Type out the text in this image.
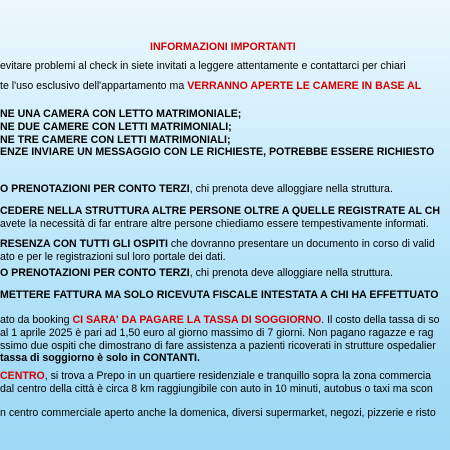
INFORMAZIONI IMPORTANTI
evitare problemi al check in siete invitati a leggere attentamente e contattarci per chiari
te l'uso esclusivo dell'appartamento ma VERRANNO APERTE LE CAMERE IN BASE AL
NE UNA CAMERA CON LETTO MATRIMONIALE;
NE DUE CAMERE CON LETTI MATRIMONIALI;
NE TRE CAMERE CON LETTI MATRIMONIALI;
ENZE INVIARE UN MESSAGGIO CON LE RICHIESTE, POTREBBE ESSERE RICHIESTO
O PRENOTAZIONI PER CONTO TERZI, chi prenota deve alloggiare nella struttura.
CEDERE NELLA STRUTTURA ALTRE PERSONE OLTRE A QUELLE REGISTRATE AL CH
avete la necessità di far entrare altre persone chiediamo essere tempestivamente informati.
RESENZA CON TUTTI GLI OSPITI che dovranno presentare un documento in corso di valid
ato e per le registrazioni sul loro portale dei dati.
O PRENOTAZIONI PER CONTO TERZI, chi prenota deve alloggiare nella struttura.
METTERE FATTURA MA SOLO RICEVUTA FISCALE INTESTATA A CHI HA EFFETTUATO
ato da booking CI SARA' DA PAGARE LA TASSA DI SOGGIORNO. Il costo della tassa di so
al 1 aprile 2025 è pari ad 1,50 euro al giorno massimo di 7 giorni. Non pagano ragazze e rag
ssimo due ospiti che dimostrano di fare assistenza a pazienti ricoverati in strutture ospedalier
tassa di soggiorno è solo in CONTANTI.
CENTRO, si trova a Prepo in un quartiere residenziale e tranquillo sopra la zona commercia
dal centro della città è circa 8 km raggiungibile con auto in 10 minuti, autobus o taxi ma scon
n centro commerciale aperto anche la domenica, diversi supermarket, negozi, pizzerie e risto
